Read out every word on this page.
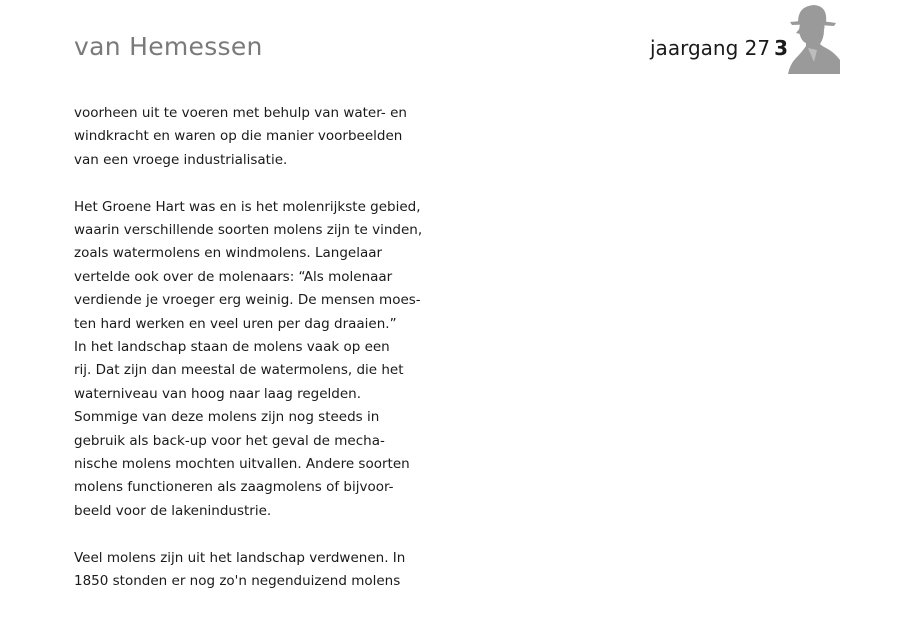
van Hemessen	jaargang 27 3

voorheen uit te voeren met behulp van water- en
windkracht en waren op die manier voorbeelden
van een vroege industrialisatie.

Het Groene Hart was en is het molenrijkste gebied,
waarin verschillende soorten molens zijn te vinden,
zoals watermolens en windmolens. Langelaar
vertelde ook over de molenaars: “Als molenaar
verdiende je vroeger erg weinig. De mensen moes-
ten hard werken en veel uren per dag draaien.”
In het landschap staan de molens vaak op een
rij. Dat zijn dan meestal de watermolens, die het
waterniveau van hoog naar laag regelden.
Sommige van deze molens zijn nog steeds in
gebruik als back-up voor het geval de mecha-
nische molens mochten uitvallen. Andere soorten
molens functioneren als zaagmolens of bijvoor-
beeld voor de lakenindustrie.

Veel molens zijn uit het landschap verdwenen. In
1850 stonden er nog zo'n negenduizend molens
